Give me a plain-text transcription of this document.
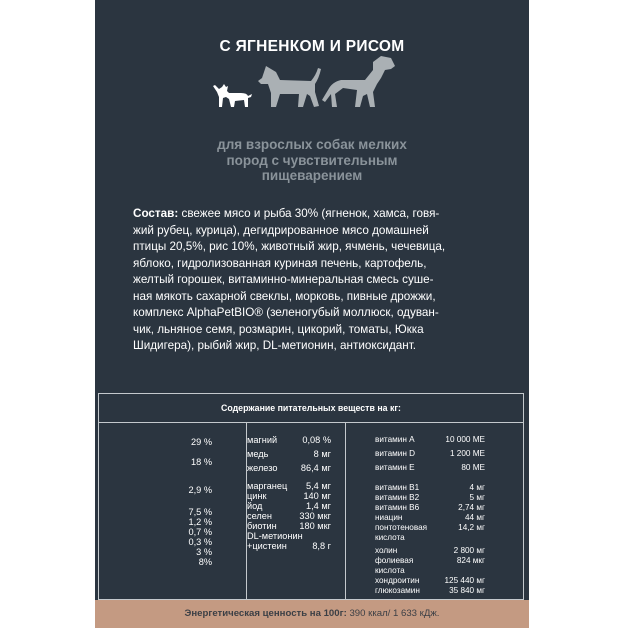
С ЯГНЕНКОМ И РИСОМ
для взрослых собак мелких
пород с чувствительным
пищеварением
Состав: свежее мясо и рыба 30% (ягненок, хамса, говя-
жий рубец, курица), дегидрированное мясо домашней
птицы 20,5%, рис 10%, животный жир, ячмень, чечевица,
яблоко, гидролизованная куриная печень, картофель,
желтый горошек, витаминно-минеральная смесь суше-
ная мякоть сахарной свеклы, морковь, пивные дрожжи,
комплекс AlphaPetBIO® (зеленогубый моллюск, одуван-
чик, льняное семя, розмарин, цикорий, томаты, Юкка
Шидигера), рыбий жир, DL-метионин, антиоксидант.
Содержание питательных веществ на кг:
сырой	29 %
протеин
сырой	18 %
жир
сырая	2,9 %
клетчатка
зола	7,5 %
кальций	1,2 %
фосфор	0,7 %
омега 3	0,3 %
омега 6	3 %
влажность	8%
магний	0,08 %
медь	8 мг
железо	86,4 мг
марганец	5,4 мг
цинк	140 мг
йод	1,4 мг
селен	330 мкг
биотин	180 мкг
DL-метионин
+цистеин	8,8 г
витамин А	10 000 МЕ
витамин D	1 200 МЕ
витамин Е	80 МЕ
витамин В1	4 мг
витамин В2	5 мг
витамин В6	2,74 мг
ниацин	44 мг
понтотеновая	14,2 мг
кислота
холин	2 800 мг
фолиевая	824 мкг
кислота
хондроитин	125 440 мг
глюкозамин	35 840 мг
Энергетическая ценность на 100г: 390 ккал/ 1 633 кДж.
